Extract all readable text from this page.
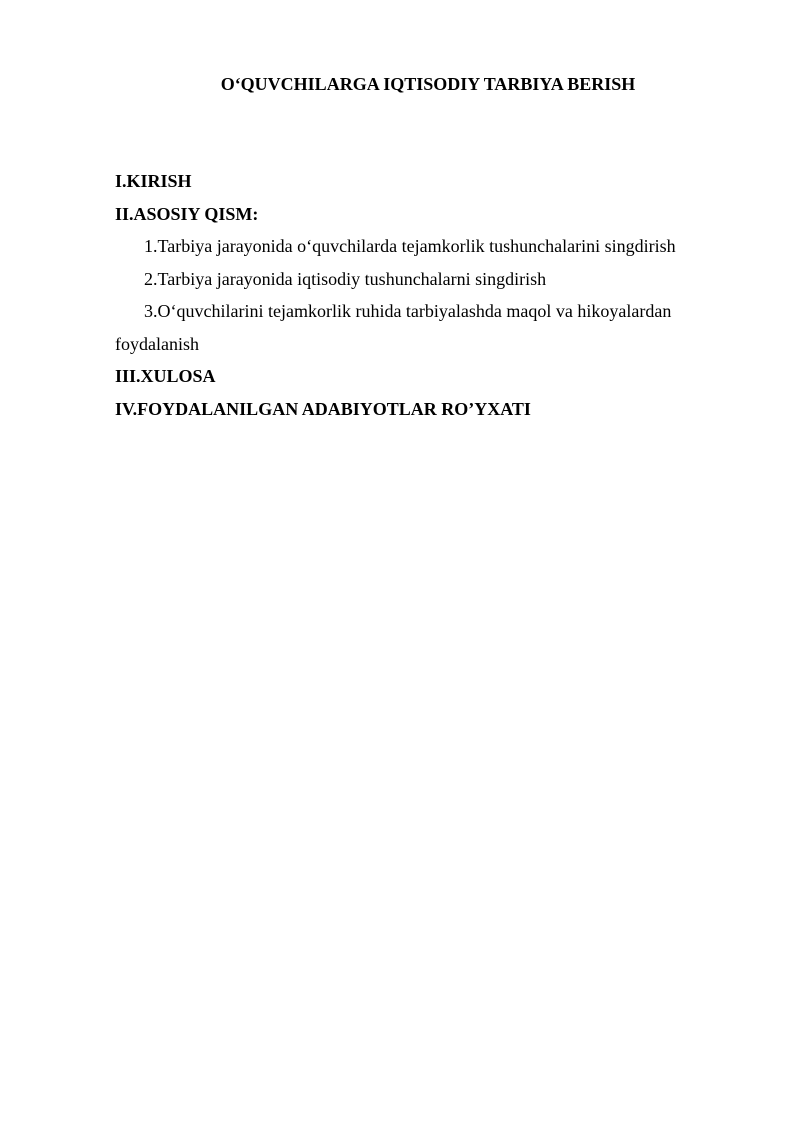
O‘QUVCHILARGA IQTISODIY TARBIYA BERISH
I.KIRISH
II.ASOSIY QISM:
1.Tarbiya jarayonida o‘quvchilarda tejamkorlik tushunchalarini singdirish
2.Tarbiya jarayonida iqtisodiy tushunchalarni singdirish
3.O‘quvchilarini tejamkorlik ruhida tarbiyalashda maqol va hikoyalardan
foydalanish
III.XULOSA
IV.FOYDALANILGAN ADABIYOTLAR RO’YXATI
